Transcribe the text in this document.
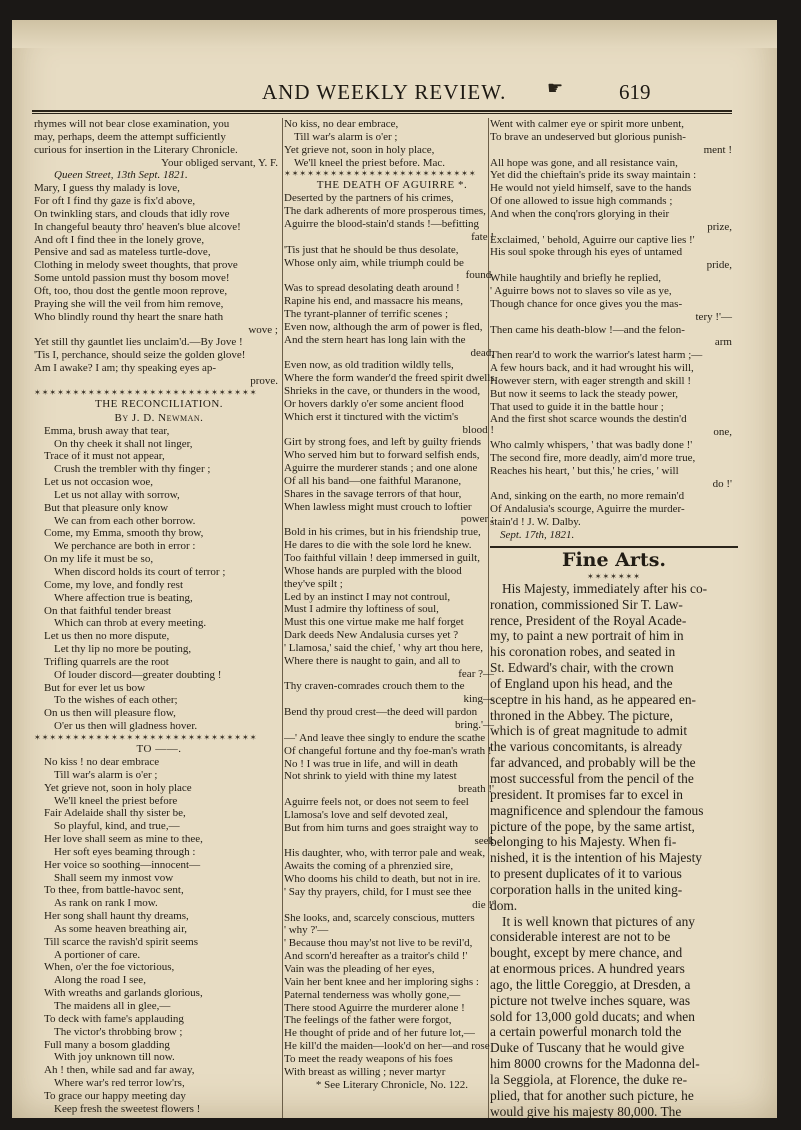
AND WEEKLY REVIEW. ☛	619
rhymes will not bear close examination, you
may, perhaps, deem the attempt sufficiently
curious for insertion in the Literary Chronicle.
Your obliged servant, Y. F.
Queen Street, 13th Sept. 1821.
Mary, I guess thy malady is love,
For oft I find thy gaze is fix'd above,
On twinkling stars, and clouds that idly rove
In changeful beauty thro' heaven's blue alcove!
And oft I find thee in the lonely grove,
Pensive and sad as mateless turtle-dove,
Clothing in melody sweet thoughts, that prove
Some untold passion must thy bosom move!
Oft, too, thou dost the gentle moon reprove,
Praying she will the veil from him remove,
Who blindly round thy heart the snare hath
wove ;
Yet still thy gauntlet lies unclaim'd.—By Jove !
'Tis I, perchance, should seize the golden glove!
Am I awake? I am; thy speaking eyes ap-
prove.
✶✶✶✶✶✶✶✶✶✶✶✶✶✶✶✶✶✶✶✶✶✶✶✶✶✶✶✶✶
THE RECONCILIATION.
By J. D. Newman.
Emma, brush away that tear,
On thy cheek it shall not linger,
Trace of it must not appear,
Crush the trembler with thy finger ;
Let us not occasion woe,
Let us not allay with sorrow,
But that pleasure only know
We can from each other borrow.
Come, my Emma, smooth thy brow,
We perchance are both in error :
On my life it must be so,
When discord holds its court of terror ;
Come, my love, and fondly rest
Where affection true is beating,
On that faithful tender breast
Which can throb at every meeting.
Let us then no more dispute,
Let thy lip no more be pouting,
Trifling quarrels are the root
Of louder discord—greater doubting !
But for ever let us bow
To the wishes of each other;
On us then will pleasure flow,
O'er us then will gladness hover.
✶✶✶✶✶✶✶✶✶✶✶✶✶✶✶✶✶✶✶✶✶✶✶✶✶✶✶✶✶
TO ——.
No kiss ! no dear embrace
Till war's alarm is o'er ;
Yet grieve not, soon in holy place
We'll kneel the priest before
Fair Adelaide shall thy sister be,
So playful, kind, and true,—
Her love shall seem as mine to thee,
Her soft eyes beaming through :
Her voice so soothing—innocent—
Shall seem my inmost vow
To thee, from battle-havoc sent,
As rank on rank I mow.
Her song shall haunt thy dreams,
As some heaven breathing air,
Till scarce the ravish'd spirit seems
A portioner of care.
When, o'er the foe victorious,
Along the road I see,
With wreaths and garlands glorious,
The maidens all in glee,—
To deck with fame's applauding
The victor's throbbing brow ;
Full many a bosom gladding
With joy unknown till now.
Ah ! then, while sad and far away,
Where war's red terror low'rs,
To grace our happy meeting day
Keep fresh the sweetest flowers !
No kiss, no dear embrace,
Till war's alarm is o'er ;
Yet grieve not, soon in holy place,
We'll kneel the priest before. Mac.
✶✶✶✶✶✶✶✶✶✶✶✶✶✶✶✶✶✶✶✶✶✶✶✶✶
THE DEATH OF AGUIRRE *.
Deserted by the partners of his crimes,
The dark adherents of more prosperous times,
Aguirre the blood-stain'd stands !—befitting
fate !
'Tis just that he should be thus desolate,
Whose only aim, while triumph could be
found,
Was to spread desolating death around !
Rapine his end, and massacre his means,
The tyrant-planner of terrific scenes ;
Even now, although the arm of power is fled,
And the stern heart has long lain with the
dead,
Even now, as old tradition wildly tells,
Where the form wander'd the freed spirit dwells,
Shrieks in the cave, or thunders in the wood,
Or hovers darkly o'er some ancient flood
Which erst it tinctured with the victim's
blood !
Girt by strong foes, and left by guilty friends
Who served him but to forward selfish ends,
Aguirre the murderer stands ; and one alone
Of all his band—one faithful Maranone,
Shares in the savage terrors of that hour,
When lawless might must crouch to loftier
power :
Bold in his crimes, but in his friendship true,
He dares to die with the sole lord he knew.
Too faithful villain ! deep immersed in guilt,
Whose hands are purpled with the blood
they've spilt ;
Led by an instinct I may not controul,
Must I admire thy loftiness of soul,
Must this one virtue make me half forget
Dark deeds New Andalusia curses yet ?
' Llamosa,' said the chief, ' why art thou here,
Where there is naught to gain, and all to
fear ?—
Thy craven-comrades crouch them to the
king—
Bend thy proud crest—the deed will pardon
bring.'—
—' And leave thee singly to endure the scathe
Of changeful fortune and thy foe-man's wrath !
No ! I was true in life, and will in death
Not shrink to yield with thine my latest
breath !'
Aguirre feels not, or does not seem to feel
Llamosa's love and self devoted zeal,
But from him turns and goes straight way to
seek
His daughter, who, with terror pale and weak,
Awaits the coming of a phrenzied sire,
Who dooms his child to death, but not in ire.
' Say thy prayers, child, for I must see thee
die !'
She looks, and, scarcely conscious, mutters
' why ?'—
' Because thou may'st not live to be revil'd,
And scorn'd hereafter as a traitor's child !'
Vain was the pleading of her eyes,
Vain her bent knee and her imploring sighs :
Paternal tenderness was wholly gone,—
There stood Aguirre the murderer alone !
The feelings of the father were forgot,
He thought of pride and of her future lot,—
He kill'd the maiden—look'd on her—and rose
To meet the ready weapons of his foes
With breast as willing ; never martyr
* See Literary Chronicle, No. 122.
Went with calmer eye or spirit more unbent,
To brave an undeserved but glorious punish-
ment !
All hope was gone, and all resistance vain,
Yet did the chieftain's pride its sway maintain :
He would not yield himself, save to the hands
Of one allowed to issue high commands ;
And when the conq'rors glorying in their
prize,
Exclaimed, ' behold, Aguirre our captive lies !'
His soul spoke through his eyes of untamed
pride,
While haughtily and briefly he replied,
' Aguirre bows not to slaves so vile as ye,
Though chance for once gives you the mas-
tery !'—
Then came his death-blow !—and the felon-
arm
Then rear'd to work the warrior's latest harm ;—
A few hours back, and it had wrought his will,
However stern, with eager strength and skill !
But now it seems to lack the steady power,
That used to guide it in the battle hour ;
And the first shot scarce wounds the destin'd
one,
Who calmly whispers, ' that was badly done !'
The second fire, more deadly, aim'd more true,
Reaches his heart, ' but this,' he cries, ' will
do !'
And, sinking on the earth, no more remain'd
Of Andalusia's scourge, Aguirre the murder-
stain'd ! J. W. Dalby.
Sept. 17th, 1821.
Fine Arts.
✶✶✶✶✶✶✶
His Majesty, immediately after his co-
ronation, commissioned Sir T. Law-
rence, President of the Royal Acade-
my, to paint a new portrait of him in
his coronation robes, and seated in
St. Edward's chair, with the crown
of England upon his head, and the
sceptre in his hand, as he appeared en-
throned in the Abbey. The picture,
which is of great magnitude to admit
the various concomitants, is already
far advanced, and probably will be the
most successful from the pencil of the
president. It promises far to excel in
magnificence and splendour the famous
picture of the pope, by the same artist,
belonging to his Majesty. When fi-
nished, it is the intention of his Majesty
to present duplicates of it to various
corporation halls in the united king-
dom.
It is well known that pictures of any
considerable interest are not to be
bought, except by mere chance, and
at enormous prices. A hundred years
ago, the little Coreggio, at Dresden, a
picture not twelve inches square, was
sold for 13,000 gold ducats; and when
a certain powerful monarch told the
Duke of Tuscany that he would give
him 8000 crowns for the Madonna del-
la Seggiola, at Florence, the duke re-
plied, that for another such picture, he
would give his majesty 80,000. The
